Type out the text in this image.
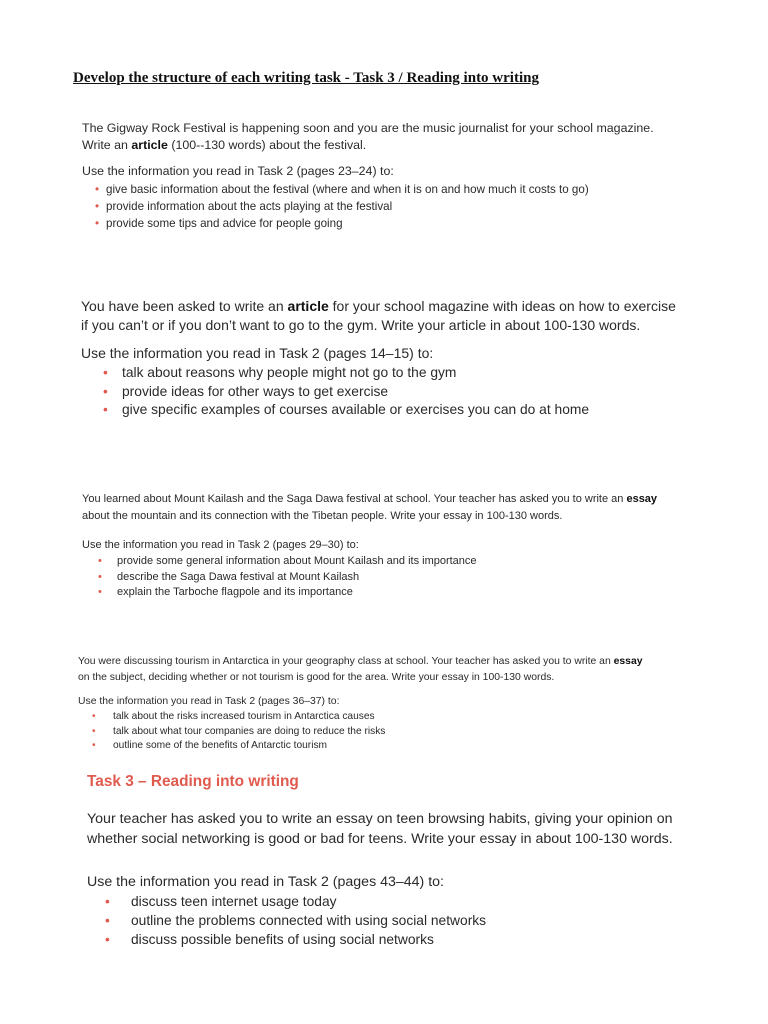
Develop the structure of each writing task - Task 3 / Reading into writing

The Gigway Rock Festival is happening soon and you are the music journalist for your school magazine.

Write an article (100--130 words) about the festival.

Use the information you read in Task 2 (pages 23–24) to:

• give basic information about the festival (where and when it is on and how much it costs to go)
• provide information about the acts playing at the festival
• provide some tips and advice for people going

You have been asked to write an article for your school magazine with ideas on how to exercise

if you can’t or if you don’t want to go to the gym. Write your article in about 100-130 words.

Use the information you read in Task 2 (pages 14–15) to:

• talk about reasons why people might not go to the gym
• provide ideas for other ways to get exercise
• give specific examples of courses available or exercises you can do at home

You learned about Mount Kailash and the Saga Dawa festival at school. Your teacher has asked you to write an essay

about the mountain and its connection with the Tibetan people. Write your essay in 100-130 words.

Use the information you read in Task 2 (pages 29–30) to:

• provide some general information about Mount Kailash and its importance
• describe the Saga Dawa festival at Mount Kailash
• explain the Tarboche flagpole and its importance

You were discussing tourism in Antarctica in your geography class at school. Your teacher has asked you to write an essay

on the subject, deciding whether or not tourism is good for the area. Write your essay in 100-130 words.

Use the information you read in Task 2 (pages 36–37) to:

• talk about the risks increased tourism in Antarctica causes
• talk about what tour companies are doing to reduce the risks
• outline some of the benefits of Antarctic tourism

Task 3 – Reading into writing

Your teacher has asked you to write an essay on teen browsing habits, giving your opinion on

whether social networking is good or bad for teens. Write your essay in about 100-130 words.

Use the information you read in Task 2 (pages 43–44) to:

• discuss teen internet usage today
• outline the problems connected with using social networks
• discuss possible benefits of using social networks
